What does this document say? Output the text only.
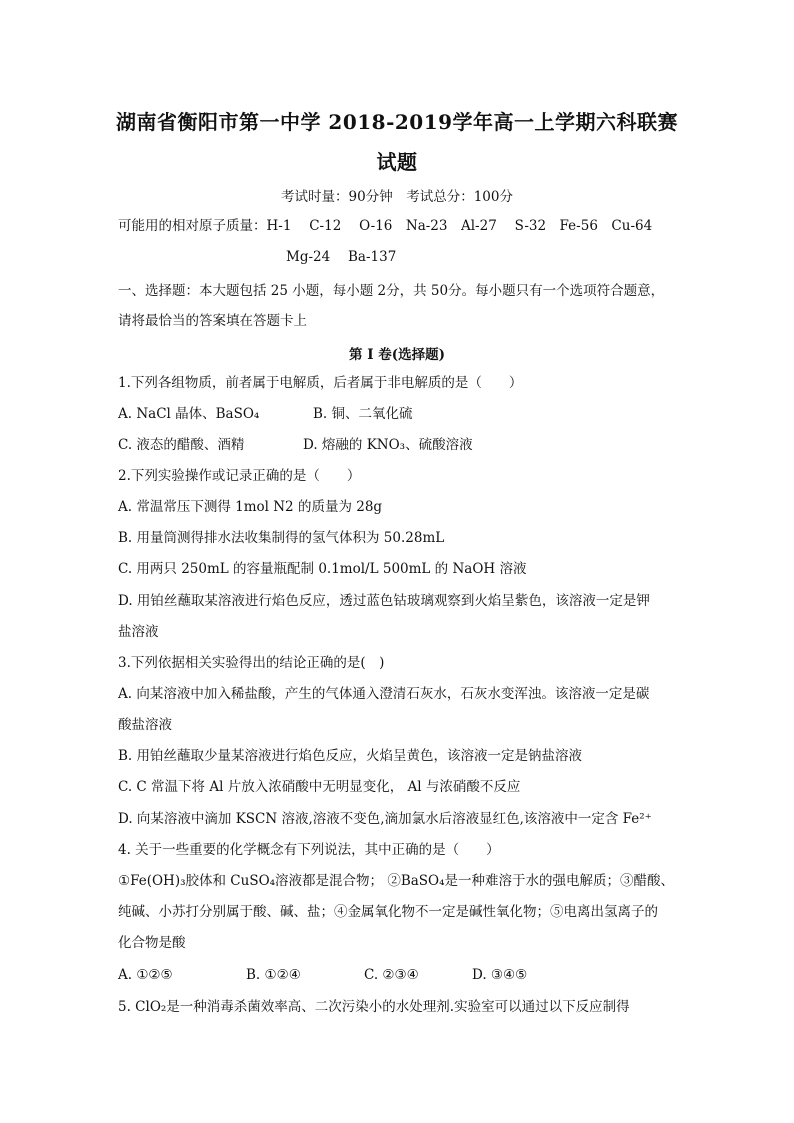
湖南省衡阳市第一中学 2018-2019学年高一上学期六科联赛
试题
考试时量：90分钟　考试总分：100分
可能用的相对原子质量：H-1　 C-12　 O-16　Na-23　Al-27　 S-32　Fe-56　Cu-64
Mg-24　 Ba-137
一、选择题：本大题包括 25 小题，每小题 2分，共 50分。每小题只有一个选项符合题意，
请将最恰当的答案填在答题卡上
第 I 卷(选择题)
1.下列各组物质，前者属于电解质，后者属于非电解质的是（　　）
A. NaCl 晶体、BaSO₄	B. 铜、二氧化硫
C. 液态的醋酸、酒精	D. 熔融的 KNO₃、硫酸溶液
2.下列实验操作或记录正确的是（　　）
A. 常温常压下测得 1mol N2 的质量为 28g
B. 用量筒测得排水法收集制得的氢气体积为 50.28mL
C. 用两只 250mL 的容量瓶配制 0.1mol/L 500mL 的 NaOH 溶液
D. 用铂丝蘸取某溶液进行焰色反应，透过蓝色钴玻璃观察到火焰呈紫色，该溶液一定是钾
盐溶液
3.下列依据相关实验得出的结论正确的是(　)
A. 向某溶液中加入稀盐酸，产生的气体通入澄清石灰水，石灰水变浑浊。该溶液一定是碳
酸盐溶液
B. 用铂丝蘸取少量某溶液进行焰色反应，火焰呈黄色，该溶液一定是钠盐溶液
C. C 常温下将 Al 片放入浓硝酸中无明显变化， Al 与浓硝酸不反应
D. 向某溶液中滴加 KSCN 溶液,溶液不变色,滴加氯水后溶液显红色,该溶液中一定含 Fe²⁺
4. 关于一些重要的化学概念有下列说法，其中正确的是（　　）
①Fe(OH)₃胶体和 CuSO₄溶液都是混合物； ②BaSO₄是一种难溶于水的强电解质；③醋酸、
纯碱、小苏打分别属于酸、碱、盐；④金属氧化物不一定是碱性氧化物；⑤电离出氢离子的
化合物是酸
A. ①②⑤	B. ①②④	C. ②③④	D. ③④⑤
5. ClO₂是一种消毒杀菌效率高、二次污染小的水处理剂.实验室可以通过以下反应制得
